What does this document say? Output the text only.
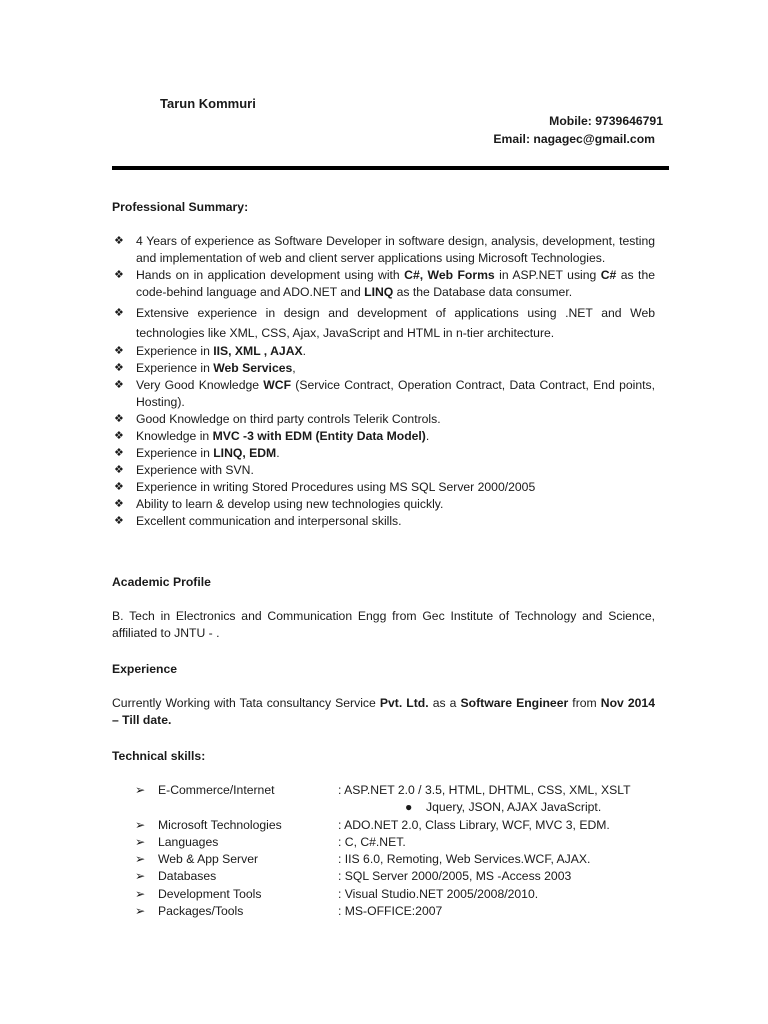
Tarun Kommuri
Mobile: 9739646791
Email: nagagec@gmail.com
Professional Summary:
❖ 4 Years of experience as Software Developer in software design, analysis, development, testing and implementation of web and client server applications using Microsoft Technologies.
❖ Hands on in application development using with C#, Web Forms in ASP.NET using C# as the code-behind language and ADO.NET and LINQ as the Database data consumer.
❖ Extensive experience in design and development of applications using .NET and Web technologies like XML, CSS, Ajax, JavaScript and HTML in n-tier architecture.
❖ Experience in IIS, XML , AJAX.
❖ Experience in Web Services,
❖ Very Good Knowledge WCF (Service Contract, Operation Contract, Data Contract, End points, Hosting).
❖ Good Knowledge on third party controls Telerik Controls.
❖ Knowledge in MVC -3 with EDM (Entity Data Model).
❖ Experience in LINQ, EDM.
❖ Experience with SVN.
❖ Experience in writing Stored Procedures using MS SQL Server 2000/2005
❖ Ability to learn & develop using new technologies quickly.
❖ Excellent communication and interpersonal skills.
Academic Profile
B. Tech in Electronics and Communication Engg from Gec Institute of Technology and Science, affiliated to JNTU - .
Experience
Currently Working with Tata consultancy Service Pvt. Ltd. as a Software Engineer from Nov 2014 – Till date.
Technical skills:
➢ E-Commerce/Internet	: ASP.NET 2.0 / 3.5, HTML, DHTML, CSS, XML, XSLT
● Jquery, JSON, AJAX JavaScript.
➢ Microsoft Technologies	: ADO.NET 2.0, Class Library, WCF, MVC 3, EDM.
➢ Languages	: C, C#.NET.
➢ Web & App Server	: IIS 6.0, Remoting, Web Services.WCF, AJAX.
➢ Databases	: SQL Server 2000/2005, MS -Access 2003
➢ Development Tools	: Visual Studio.NET 2005/2008/2010.
➢ Packages/Tools	: MS-OFFICE:2007
